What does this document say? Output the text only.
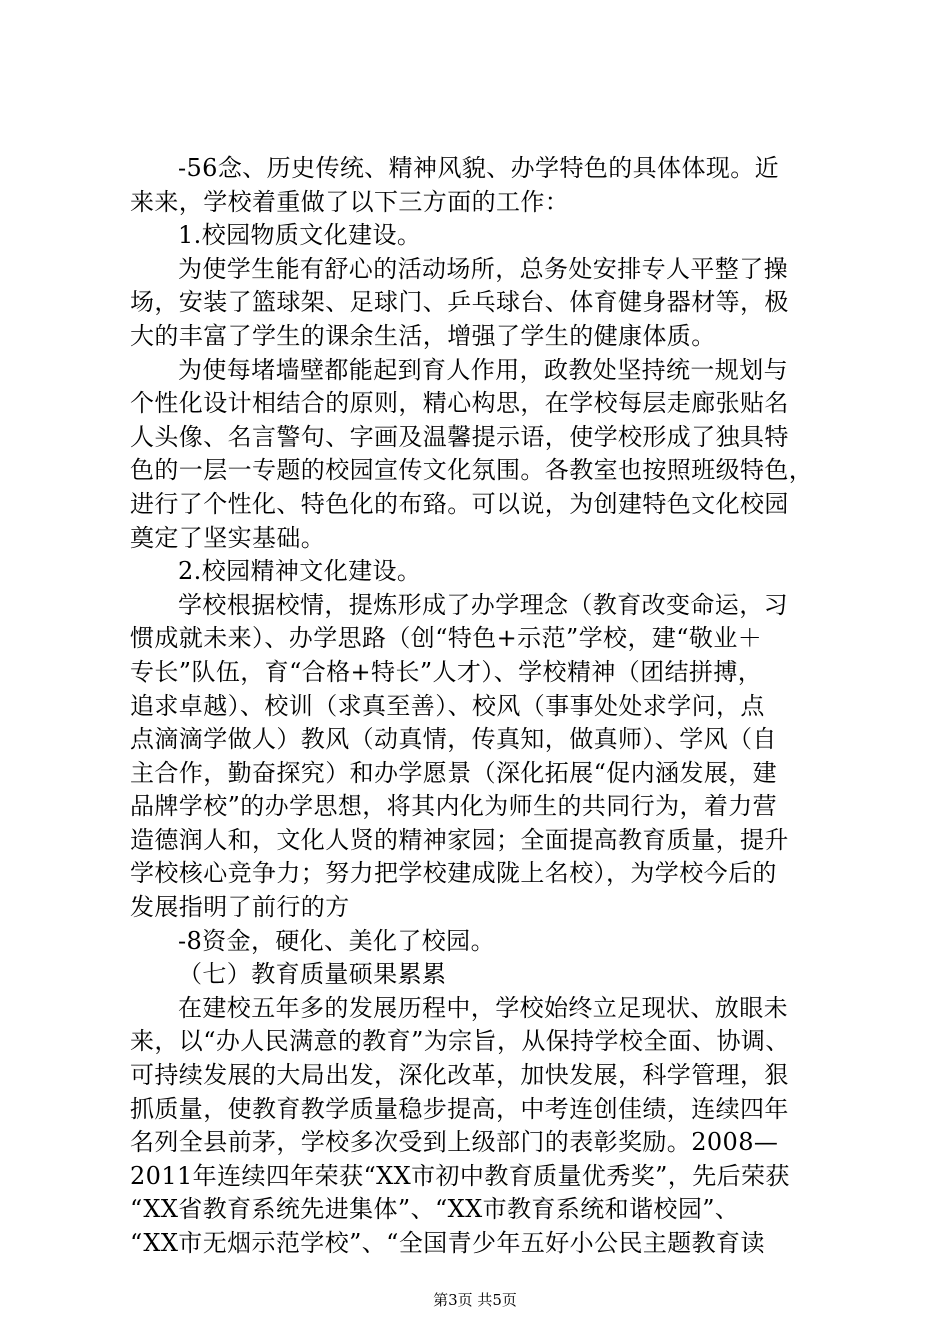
-56念、历史传统、精神风貌、办学特色的具体体现。近
来来，学校着重做了以下三方面的工作：
1.校园物质文化建设。
为使学生能有舒心的活动场所，总务处安排专人平整了操
场，安装了篮球架、足球门、乒乓球台、体育健身器材等，极
大的丰富了学生的课余生活，增强了学生的健康体质。
为使每堵墙壁都能起到育人作用，政教处坚持统一规划与
个性化设计相结合的原则，精心构思，在学校每层走廊张贴名
人头像、名言警句、字画及温馨提示语，使学校形成了独具特
色的一层一专题的校园宣传文化氛围。各教室也按照班级特色，
进行了个性化、特色化的布臵。可以说，为创建特色文化校园
奠定了坚实基础。
2.校园精神文化建设。
学校根据校情，提炼形成了办学理念（教育改变命运，习
惯成就未来）、办学思路（创“特色+示范”学校，建“敬业＋
专长”队伍，育“合格+特长”人才）、学校精神（团结拼搏，
追求卓越）、校训（求真至善）、校风（事事处处求学问，点
点滴滴学做人）教风（动真情，传真知，做真师）、学风（自
主合作，勤奋探究）和办学愿景（深化拓展“促内涵发展，建
品牌学校”的办学思想，将其内化为师生的共同行为，着力营
造德润人和，文化人贤的精神家园；全面提高教育质量，提升
学校核心竞争力；努力把学校建成陇上名校），为学校今后的
发展指明了前行的方
-8资金，硬化、美化了校园。
（七）教育质量硕果累累
在建校五年多的发展历程中，学校始终立足现状、放眼未
来，以“办人民满意的教育”为宗旨，从保持学校全面、协调、
可持续发展的大局出发，深化改革，加快发展，科学管理，狠
抓质量，使教育教学质量稳步提高，中考连创佳绩，连续四年
名列全县前茅，学校多次受到上级部门的表彰奖励。2008—
2011年连续四年荣获“XX市初中教育质量优秀奖”，先后荣获
“XX省教育系统先进集体”、“XX市教育系统和谐校园”、
“XX市无烟示范学校”、“全国青少年五好小公民主题教育读
第3页 共5页
